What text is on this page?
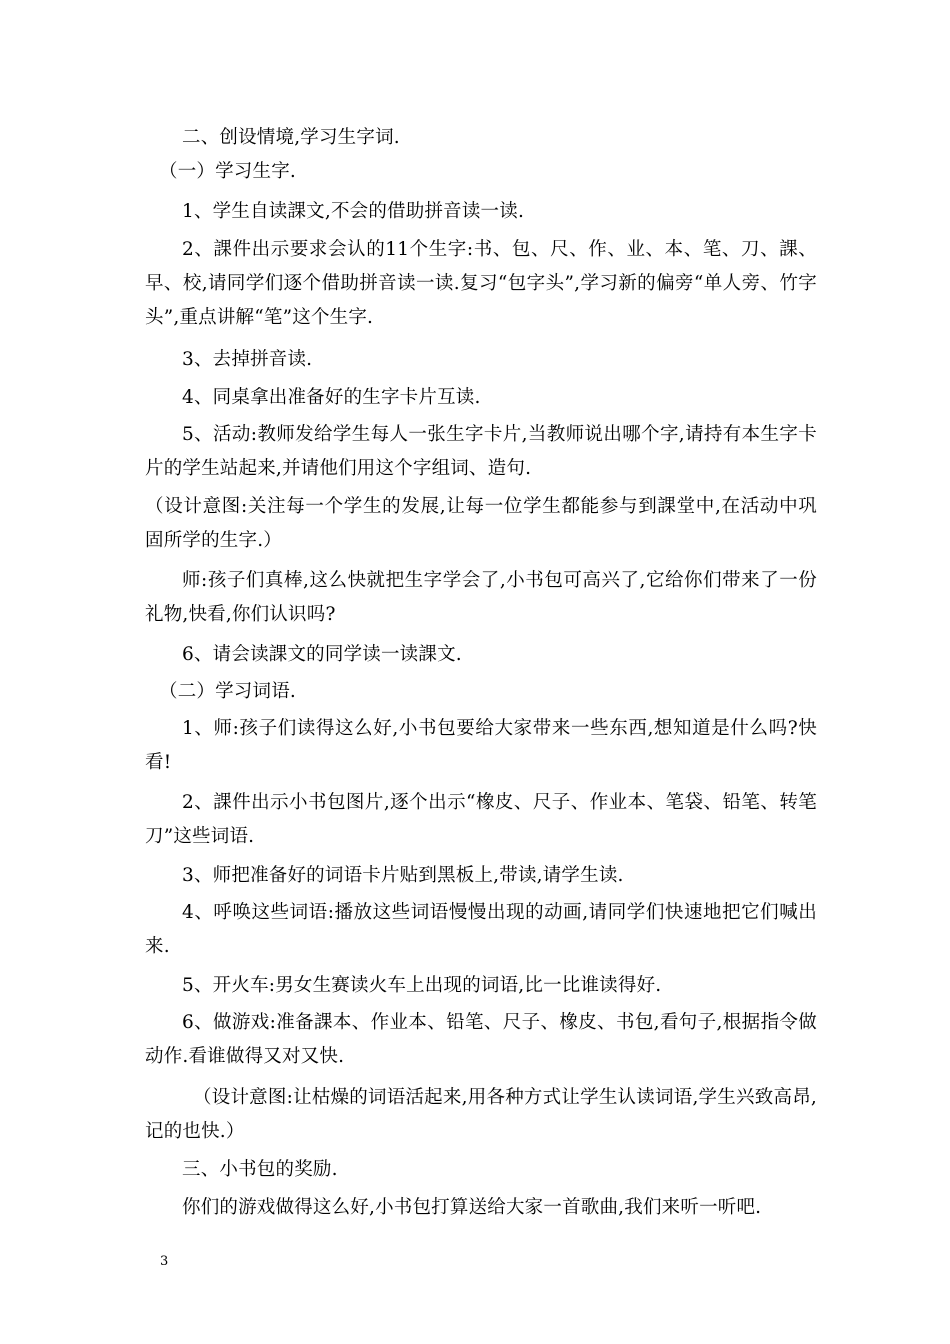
二、创设情境,学习生字词.

（一）学习生字.

1、学生自读課文,不会的借助拼音读一读.

2、課件出示要求会认的11个生字:书、包、尺、作、业、本、笔、刀、課、早、校,请同学们逐个借助拼音读一读.复习“包字头”,学习新的偏旁“单人旁、竹字头”,重点讲解“笔”这个生字.

3、去掉拼音读.

4、同桌拿出准备好的生字卡片互读.

5、活动:教师发给学生每人一张生字卡片,当教师说出哪个字,请持有本生字卡片的学生站起来,并请他们用这个字组词、造句.

（设计意图:关注每一个学生的发展,让每一位学生都能参与到課堂中,在活动中巩固所学的生字.）

师:孩子们真棒,这么快就把生字学会了,小书包可高兴了,它给你们带来了一份礼物,快看,你们认识吗?

6、请会读課文的同学读一读課文.

（二）学习词语.

1、师:孩子们读得这么好,小书包要给大家带来一些东西,想知道是什么吗?快看!

2、課件出示小书包图片,逐个出示“橡皮、尺子、作业本、笔袋、铅笔、转笔刀”这些词语.

3、师把准备好的词语卡片贴到黑板上,带读,请学生读.

4、呼唤这些词语:播放这些词语慢慢出现的动画,请同学们快速地把它们喊出来.

5、开火车:男女生赛读火车上出现的词语,比一比谁读得好.

6、做游戏:准备課本、作业本、铅笔、尺子、橡皮、书包,看句子,根据指令做动作.看谁做得又对又快.

（设计意图:让枯燥的词语活起来,用各种方式让学生认读词语,学生兴致高昂,记的也快.）

三、小书包的奖励.

你们的游戏做得这么好,小书包打算送给大家一首歌曲,我们来听一听吧.

3
